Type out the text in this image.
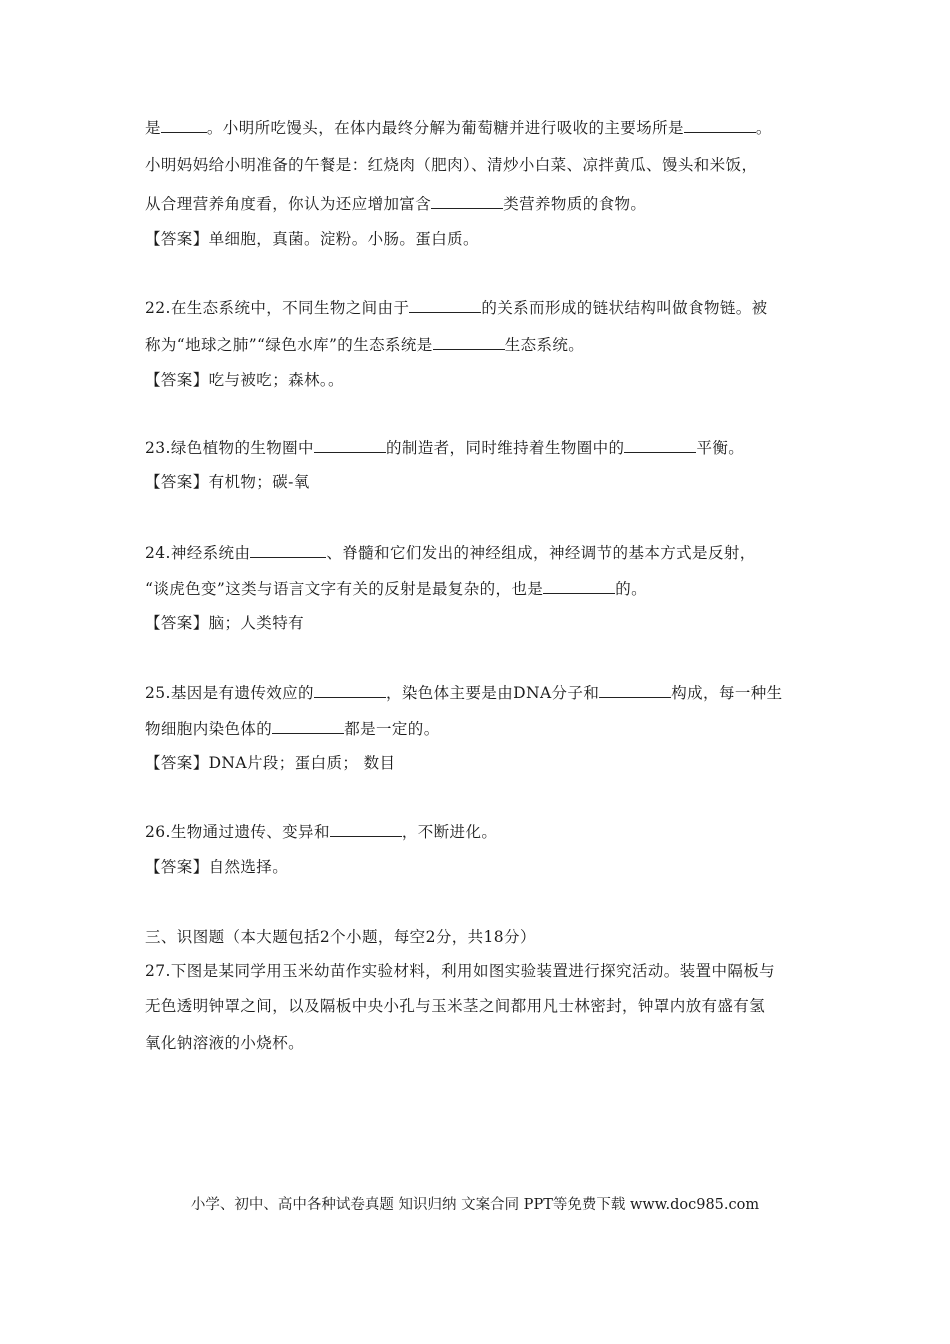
是	。小明所吃馒头，在体内最终分解为葡萄糖并进行吸收的主要场所是	。
小明妈妈给小明准备的午餐是：红烧肉（肥肉）、清炒小白菜、凉拌黄瓜、馒头和米饭，
从合理营养角度看，你认为还应增加富含	类营养物质的食物。
【答案】单细胞，真菌。淀粉。小肠。蛋白质。
22.在生态系统中，不同生物之间由于	的关系而形成的链状结构叫做食物链。被
称为“地球之肺”“绿色水库”的生态系统是	生态系统。
【答案】吃与被吃；森林。。
23.绿色植物的生物圈中	的制造者，同时维持着生物圈中的	平衡。
【答案】有机物；碳-氧
24.神经系统由	、脊髓和它们发出的神经组成，神经调节的基本方式是反射，
“谈虎色变”这类与语言文字有关的反射是最复杂的，也是	的。
【答案】脑；人类特有
25.基因是有遗传效应的	，染色体主要是由DNA分子和	构成，每一种生
物细胞内染色体的	都是一定的。
【答案】DNA片段；蛋白质； 数目
26.生物通过遗传、变异和	，不断进化。
【答案】自然选择。
三、识图题（本大题包括2个小题，每空2分，共18分）
27.下图是某同学用玉米幼苗作实验材料，利用如图实验装置进行探究活动。装置中隔板与
无色透明钟罩之间，以及隔板中央小孔与玉米茎之间都用凡士林密封，钟罩内放有盛有氢
氧化钠溶液的小烧杯。
小学、初中、高中各种试卷真题 知识归纳 文案合同 PPT等免费下载 www.doc985.com
